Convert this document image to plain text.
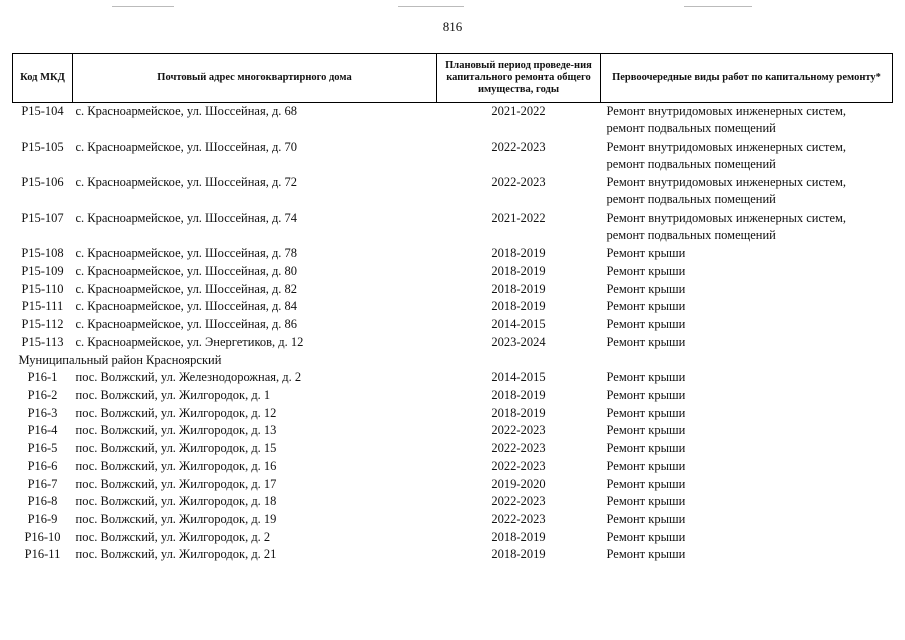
816
Код МКД	Почтовый адрес многоквартирного дома	Плановый период проведе-ния капитального ремонта общего имущества, годы	Первоочередные виды работ по капитальному ремонту*
Р15-104	с. Красноармейское, ул. Шоссейная, д. 68	2021-2022	Ремонт внутридомовых инженерных систем,
ремонт подвальных помещений

Р15-105	с. Красноармейское, ул. Шоссейная, д. 70	2022-2023	Ремонт внутридомовых инженерных систем,
ремонт подвальных помещений

Р15-106	с. Красноармейское, ул. Шоссейная, д. 72	2022-2023	Ремонт внутридомовых инженерных систем,
ремонт подвальных помещений

Р15-107	с. Красноармейское, ул. Шоссейная, д. 74	2021-2022	Ремонт внутридомовых инженерных систем,
ремонт подвальных помещений

Р15-108	с. Красноармейское, ул. Шоссейная, д. 78	2018-2019	Ремонт крыши

Р15-109	с. Красноармейское, ул. Шоссейная, д. 80	2018-2019	Ремонт крыши

Р15-110	с. Красноармейское, ул. Шоссейная, д. 82	2018-2019	Ремонт крыши

Р15-111	с. Красноармейское, ул. Шоссейная, д. 84	2018-2019	Ремонт крыши

Р15-112	с. Красноармейское, ул. Шоссейная, д. 86	2014-2015	Ремонт крыши

Р15-113	с. Красноармейское, ул. Энергетиков, д. 12	2023-2024	Ремонт крыши

Муниципальный район Красноярский			
Р16-1	пос. Волжский, ул. Железнодорожная, д. 2	2014-2015	Ремонт крыши

Р16-2	пос. Волжский, ул. Жилгородок, д. 1	2018-2019	Ремонт крыши

Р16-3	пос. Волжский, ул. Жилгородок, д. 12	2018-2019	Ремонт крыши

Р16-4	пос. Волжский, ул. Жилгородок, д. 13	2022-2023	Ремонт крыши

Р16-5	пос. Волжский, ул. Жилгородок, д. 15	2022-2023	Ремонт крыши

Р16-6	пос. Волжский, ул. Жилгородок, д. 16	2022-2023	Ремонт крыши

Р16-7	пос. Волжский, ул. Жилгородок, д. 17	2019-2020	Ремонт крыши

Р16-8	пос. Волжский, ул. Жилгородок, д. 18	2022-2023	Ремонт крыши

Р16-9	пос. Волжский, ул. Жилгородок, д. 19	2022-2023	Ремонт крыши

Р16-10	пос. Волжский, ул. Жилгородок, д. 2	2018-2019	Ремонт крыши

Р16-11	пос. Волжский, ул. Жилгородок, д. 21	2018-2019	Ремонт крыши
